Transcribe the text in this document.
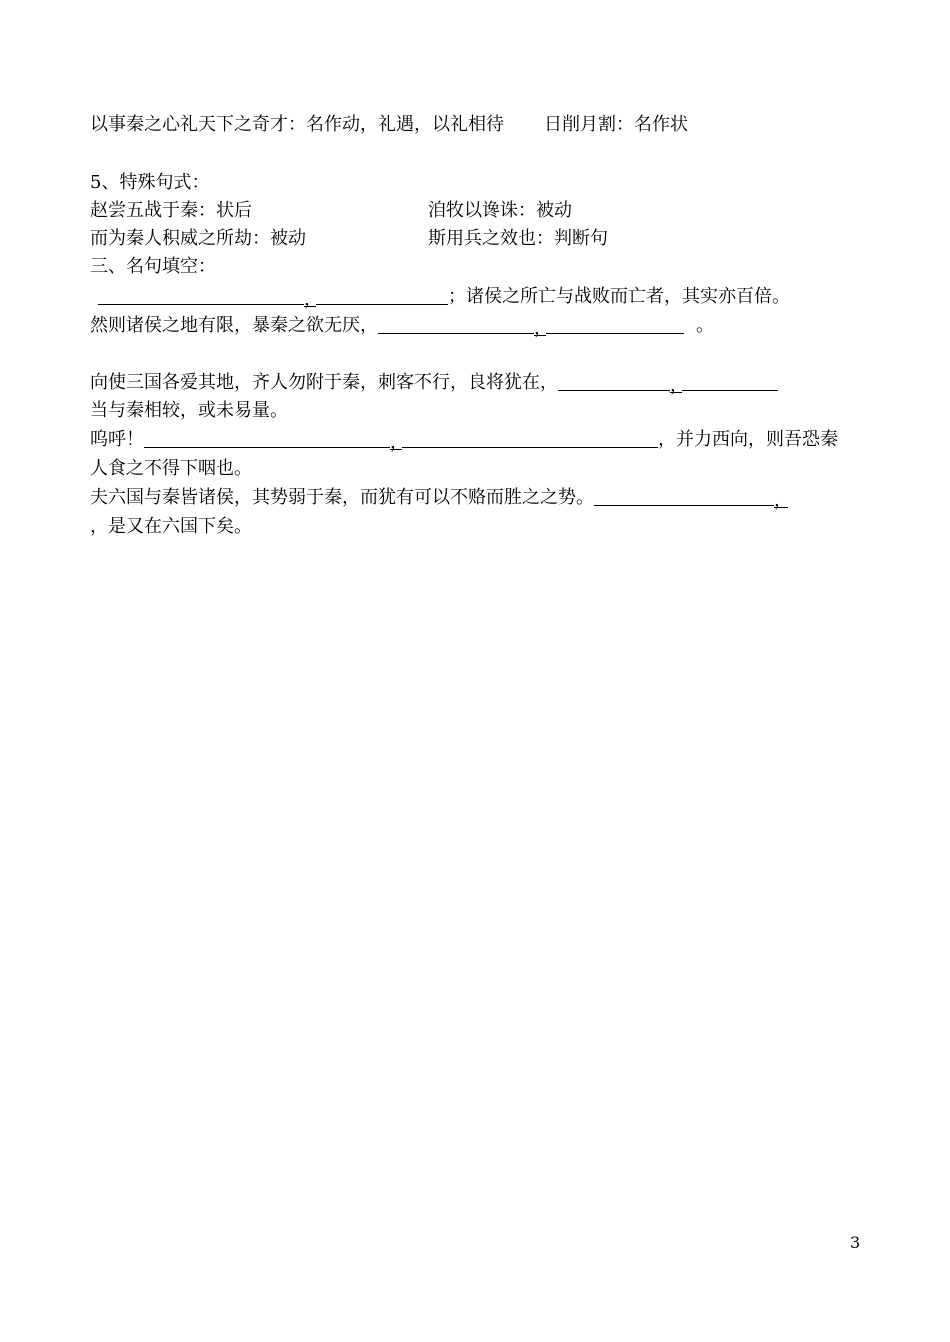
以事秦之心礼天下之奇才：名作动，礼遇，以礼相待 日削月割：名作状
5、特殊句式：
赵尝五战于秦：状后	洎牧以谗诛：被动
而为秦人积威之所劫：被动	斯用兵之效也：判断句
三、名句填空：
，	；诸侯之所亡与战败而亡者，其实亦百倍。
然则诸侯之地有限，暴秦之欲无厌，	，	。
向使三国各爱其地，齐人勿附于秦，刺客不行，良将犹在，	，
当与秦相较，或未易量。
呜呼！	，	，并力西向，则吾恐秦
人食之不得下咽也。
夫六国与秦皆诸侯，其势弱于秦，而犹有可以不赂而胜之之势。	，
，是又在六国下矣。
3
